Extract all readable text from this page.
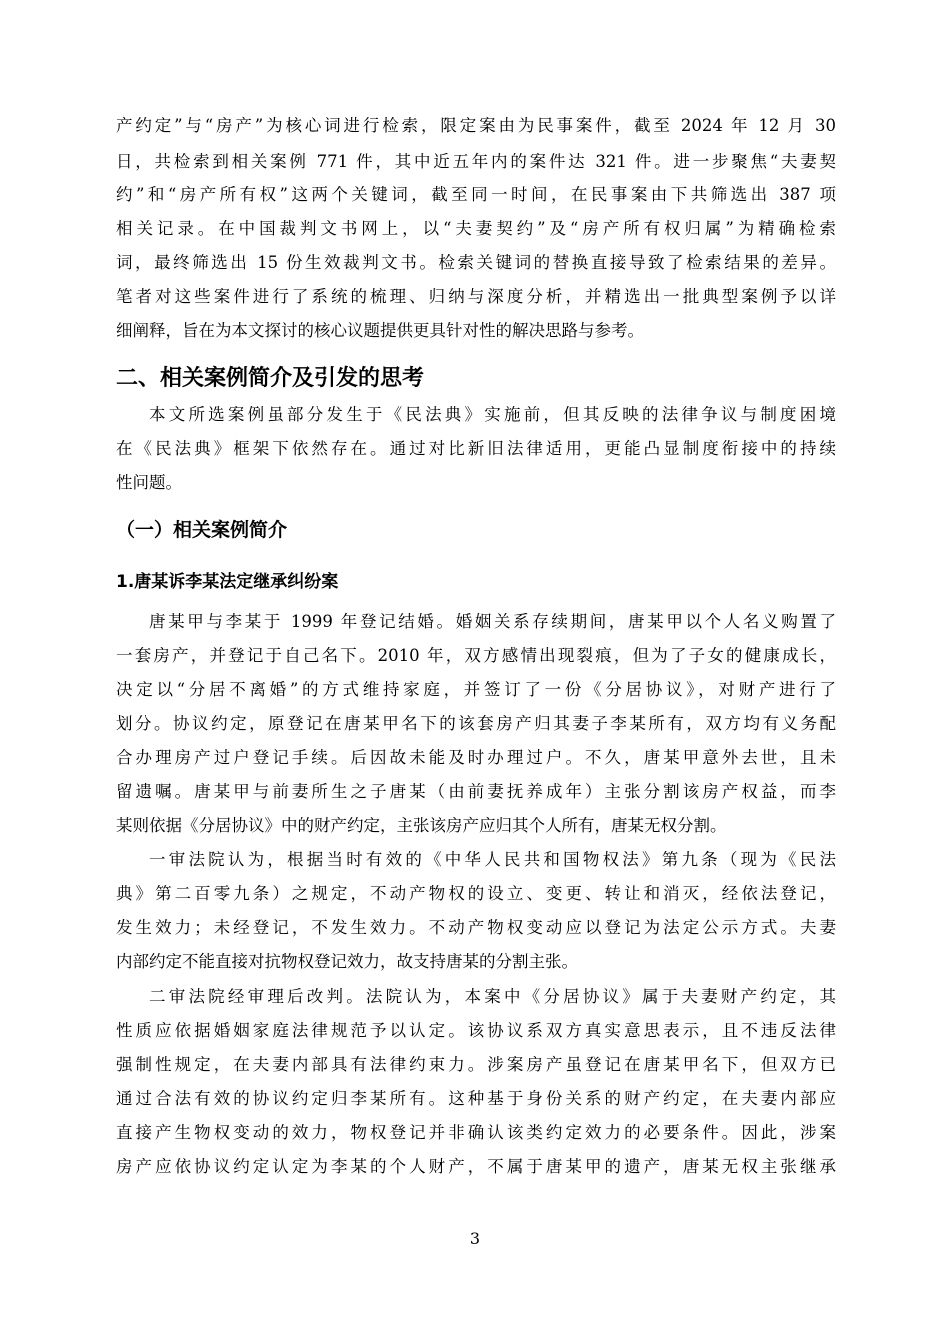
产约定”与“房产”为核心词进行检索，限定案由为民事案件，截至 2024 年 12 月 30
日，共检索到相关案例 771 件，其中近五年内的案件达 321 件。进一步聚焦“夫妻契
约”和“房产所有权”这两个关键词，截至同一时间，在民事案由下共筛选出 387 项
相关记录。在中国裁判文书网上，以“夫妻契约”及“房产所有权归属”为精确检索
词，最终筛选出 15 份生效裁判文书。检索关键词的替换直接导致了检索结果的差异。
笔者对这些案件进行了系统的梳理、归纳与深度分析，并精选出一批典型案例予以详
细阐释，旨在为本文探讨的核心议题提供更具针对性的解决思路与参考。
二、相关案例简介及引发的思考
本文所选案例虽部分发生于《民法典》实施前，但其反映的法律争议与制度困境
在《民法典》框架下依然存在。通过对比新旧法律适用，更能凸显制度衔接中的持续
性问题。
（一）相关案例简介
1.唐某诉李某法定继承纠纷案
唐某甲与李某于 1999 年登记结婚。婚姻关系存续期间，唐某甲以个人名义购置了
一套房产，并登记于自己名下。2010 年，双方感情出现裂痕，但为了子女的健康成长，
决定以“分居不离婚”的方式维持家庭，并签订了一份《分居协议》，对财产进行了
划分。协议约定，原登记在唐某甲名下的该套房产归其妻子李某所有，双方均有义务配
合办理房产过户登记手续。后因故未能及时办理过户。不久，唐某甲意外去世，且未
留遗嘱。唐某甲与前妻所生之子唐某（由前妻抚养成年）主张分割该房产权益，而李
某则依据《分居协议》中的财产约定，主张该房产应归其个人所有，唐某无权分割。
一审法院认为，根据当时有效的《中华人民共和国物权法》第九条（现为《民法
典》第二百零九条）之规定，不动产物权的设立、变更、转让和消灭，经依法登记，
发生效力；未经登记，不发生效力。不动产物权变动应以登记为法定公示方式。夫妻
内部约定不能直接对抗物权登记效力，故支持唐某的分割主张。
二审法院经审理后改判。法院认为，本案中《分居协议》属于夫妻财产约定，其
性质应依据婚姻家庭法律规范予以认定。该协议系双方真实意思表示，且不违反法律
强制性规定，在夫妻内部具有法律约束力。涉案房产虽登记在唐某甲名下，但双方已
通过合法有效的协议约定归李某所有。这种基于身份关系的财产约定，在夫妻内部应
直接产生物权变动的效力，物权登记并非确认该类约定效力的必要条件。因此，涉案
房产应依协议约定认定为李某的个人财产，不属于唐某甲的遗产，唐某无权主张继承
3
